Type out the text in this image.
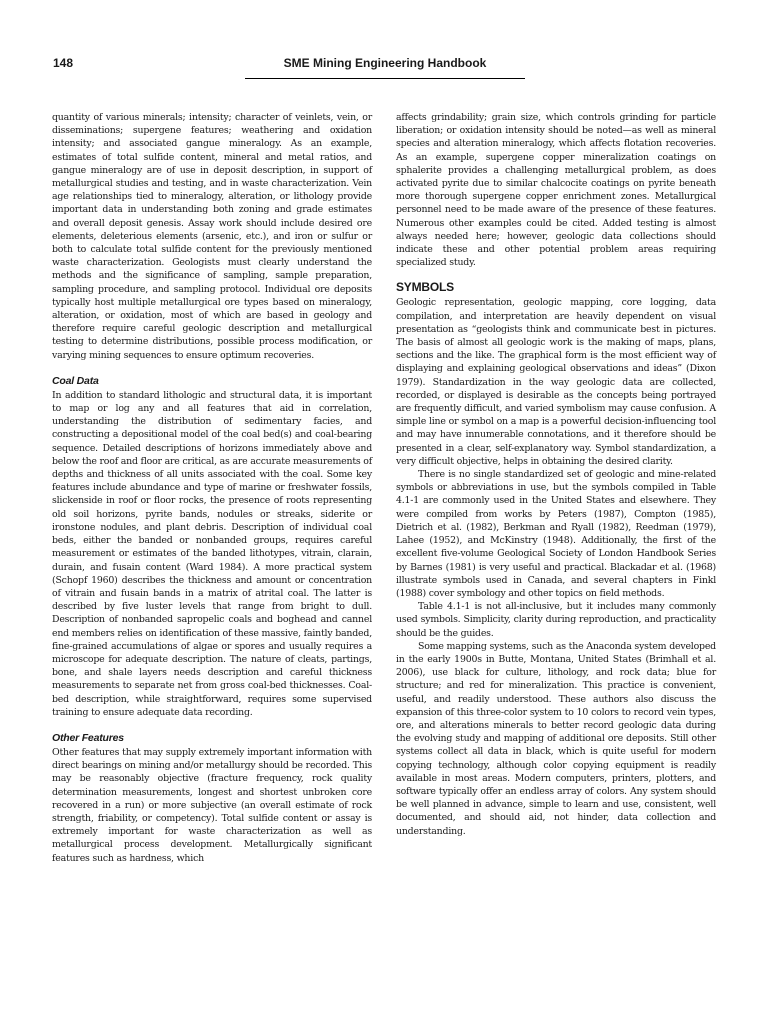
148	SME Mining Engineering Handbook

quantity of various minerals; intensity; character of veinlets, vein, or disseminations; supergene features; weathering and oxidation intensity; and associated gangue mineralogy. As an example, estimates of total sulfide content, mineral and metal ratios, and gangue mineralogy are of use in deposit description, in support of metallurgical studies and testing, and in waste characterization. Vein age relationships tied to mineralogy, alteration, or lithology provide important data in understanding both zoning and grade estimates and overall deposit genesis. Assay work should include desired ore elements, deleterious elements (arsenic, etc.), and iron or sulfur or both to calculate total sulfide content for the previously mentioned waste characterization. Geologists must clearly understand the methods and the significance of sampling, sample preparation, sampling procedure, and sampling protocol. Individual ore deposits typically host multiple metallurgical ore types based on mineralogy, alteration, or oxidation, most of which are based in geology and therefore require careful geologic description and metallurgical testing to determine distributions, possible process modification, or varying mining sequences to ensure optimum recoveries.

Coal Data

In addition to standard lithologic and structural data, it is important to map or log any and all features that aid in correlation, understanding the distribution of sedimentary facies, and constructing a depositional model of the coal bed(s) and coal-bearing sequence. Detailed descriptions of horizons immediately above and below the roof and floor are critical, as are accurate measurements of depths and thickness of all units associated with the coal. Some key features include abundance and type of marine or freshwater fossils, slickenside in roof or floor rocks, the presence of roots representing old soil horizons, pyrite bands, nodules or streaks, siderite or ironstone nodules, and plant debris. Description of individual coal beds, either the banded or nonbanded groups, requires careful measurement or estimates of the banded lithotypes, vitrain, clarain, durain, and fusain content (Ward 1984). A more practical system (Schopf 1960) describes the thickness and amount or concentration of vitrain and fusain bands in a matrix of atrital coal. The latter is described by five luster levels that range from bright to dull. Description of nonbanded sapropelic coals and boghead and cannel end members relies on identification of these massive, faintly banded, fine-grained accumulations of algae or spores and usually requires a microscope for adequate description. The nature of cleats, partings, bone, and shale layers needs description and careful thickness measurements to separate net from gross coal-bed thicknesses. Coal-bed description, while straightforward, requires some supervised training to ensure adequate data recording.

Other Features

Other features that may supply extremely important information with direct bearings on mining and/or metallurgy should be recorded. This may be reasonably objective (fracture frequency, rock quality determination measurements, longest and shortest unbroken core recovered in a run) or more subjective (an overall estimate of rock strength, friability, or competency). Total sulfide content or assay is extremely important for waste characterization as well as metallurgical process development. Metallurgically significant features such as hardness, which

affects grindability; grain size, which controls grinding for particle liberation; or oxidation intensity should be noted—as well as mineral species and alteration mineralogy, which affects flotation recoveries. As an example, supergene copper mineralization coatings on sphalerite provides a challenging metallurgical problem, as does activated pyrite due to similar chalcocite coatings on pyrite beneath more thorough supergene copper enrichment zones. Metallurgical personnel need to be made aware of the presence of these features. Numerous other examples could be cited. Added testing is almost always needed here; however, geologic data collections should indicate these and other potential problem areas requiring specialized study.

SYMBOLS

Geologic representation, geologic mapping, core logging, data compilation, and interpretation are heavily dependent on visual presentation as “geologists think and communicate best in pictures. The basis of almost all geologic work is the making of maps, plans, sections and the like. The graphical form is the most efficient way of displaying and explaining geological observations and ideas” (Dixon 1979). Standardization in the way geologic data are collected, recorded, or displayed is desirable as the concepts being portrayed are frequently difficult, and varied symbolism may cause confusion. A simple line or symbol on a map is a powerful decision-influencing tool and may have innumerable connotations, and it therefore should be presented in a clear, self-explanatory way. Symbol standardization, a very difficult objective, helps in obtaining the desired clarity.

There is no single standardized set of geologic and mine-related symbols or abbreviations in use, but the symbols compiled in Table 4.1-1 are commonly used in the United States and elsewhere. They were compiled from works by Peters (1987), Compton (1985), Dietrich et al. (1982), Berkman and Ryall (1982), Reedman (1979), Lahee (1952), and McKinstry (1948). Additionally, the first of the excellent five-volume Geological Society of London Handbook Series by Barnes (1981) is very useful and practical. Blackadar et al. (1968) illustrate symbols used in Canada, and several chapters in Finkl (1988) cover symbology and other topics on field methods.

Table 4.1-1 is not all-inclusive, but it includes many commonly used symbols. Simplicity, clarity during reproduction, and practicality should be the guides.

Some mapping systems, such as the Anaconda system developed in the early 1900s in Butte, Montana, United States (Brimhall et al. 2006), use black for culture, lithology, and rock data; blue for structure; and red for mineralization. This practice is convenient, useful, and readily understood. These authors also discuss the expansion of this three-color system to 10 colors to record vein types, ore, and alterations minerals to better record geologic data during the evolving study and mapping of additional ore deposits. Still other systems collect all data in black, which is quite useful for modern copying technology, although color copying equipment is readily available in most areas. Modern computers, printers, plotters, and software typically offer an endless array of colors. Any system should be well planned in advance, simple to learn and use, consistent, well documented, and should aid, not hinder, data collection and understanding.
